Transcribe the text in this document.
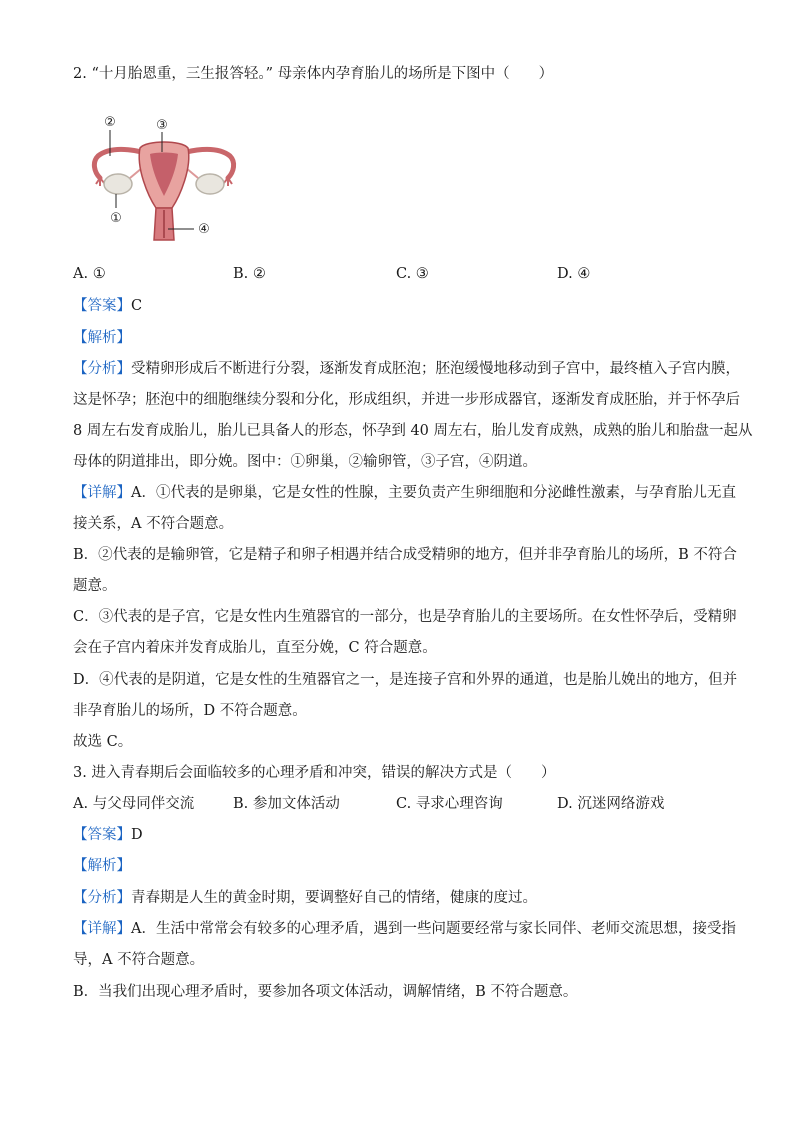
2. “十月胎恩重，三生报答轻。” 母亲体内孕育胎儿的场所是下图中（　　）
②	③
①
④
A. ①	B. ②	C. ③	D. ④
【答案】C
【解析】
【分析】受精卵形成后不断进行分裂，逐渐发育成胚泡；胚泡缓慢地移动到子宫中，最终植入子宫内膜，
这是怀孕；胚泡中的细胞继续分裂和分化，形成组织，并进一步形成器官，逐渐发育成胚胎，并于怀孕后
8 周左右发育成胎儿，胎儿已具备人的形态，怀孕到 40 周左右，胎儿发育成熟，成熟的胎儿和胎盘一起从
母体的阴道排出，即分娩。图中：①卵巢，②输卵管，③子宫，④阴道。
【详解】A．①代表的是卵巢，它是女性的性腺，主要负责产生卵细胞和分泌雌性激素，与孕育胎儿无直
接关系，A 不符合题意。
B．②代表的是输卵管，它是精子和卵子相遇并结合成受精卵的地方，但并非孕育胎儿的场所，B 不符合
题意。
C．③代表的是子宫，它是女性内生殖器官的一部分，也是孕育胎儿的主要场所。在女性怀孕后，受精卵
会在子宫内着床并发育成胎儿，直至分娩，C 符合题意。
D．④代表的是阴道，它是女性的生殖器官之一，是连接子宫和外界的通道，也是胎儿娩出的地方，但并
非孕育胎儿的场所，D 不符合题意。
故选 C。
3. 进入青春期后会面临较多的心理矛盾和冲突，错误的解决方式是（　　）
A. 与父母同伴交流	B. 参加文体活动	C. 寻求心理咨询	D. 沉迷网络游戏
【答案】D
【解析】
【分析】青春期是人生的黄金时期，要调整好自己的情绪，健康的度过。
【详解】A．生活中常常会有较多的心理矛盾，遇到一些问题要经常与家长同伴、老师交流思想，接受指
导，A 不符合题意。
B．当我们出现心理矛盾时，要参加各项文体活动，调解情绪，B 不符合题意。
